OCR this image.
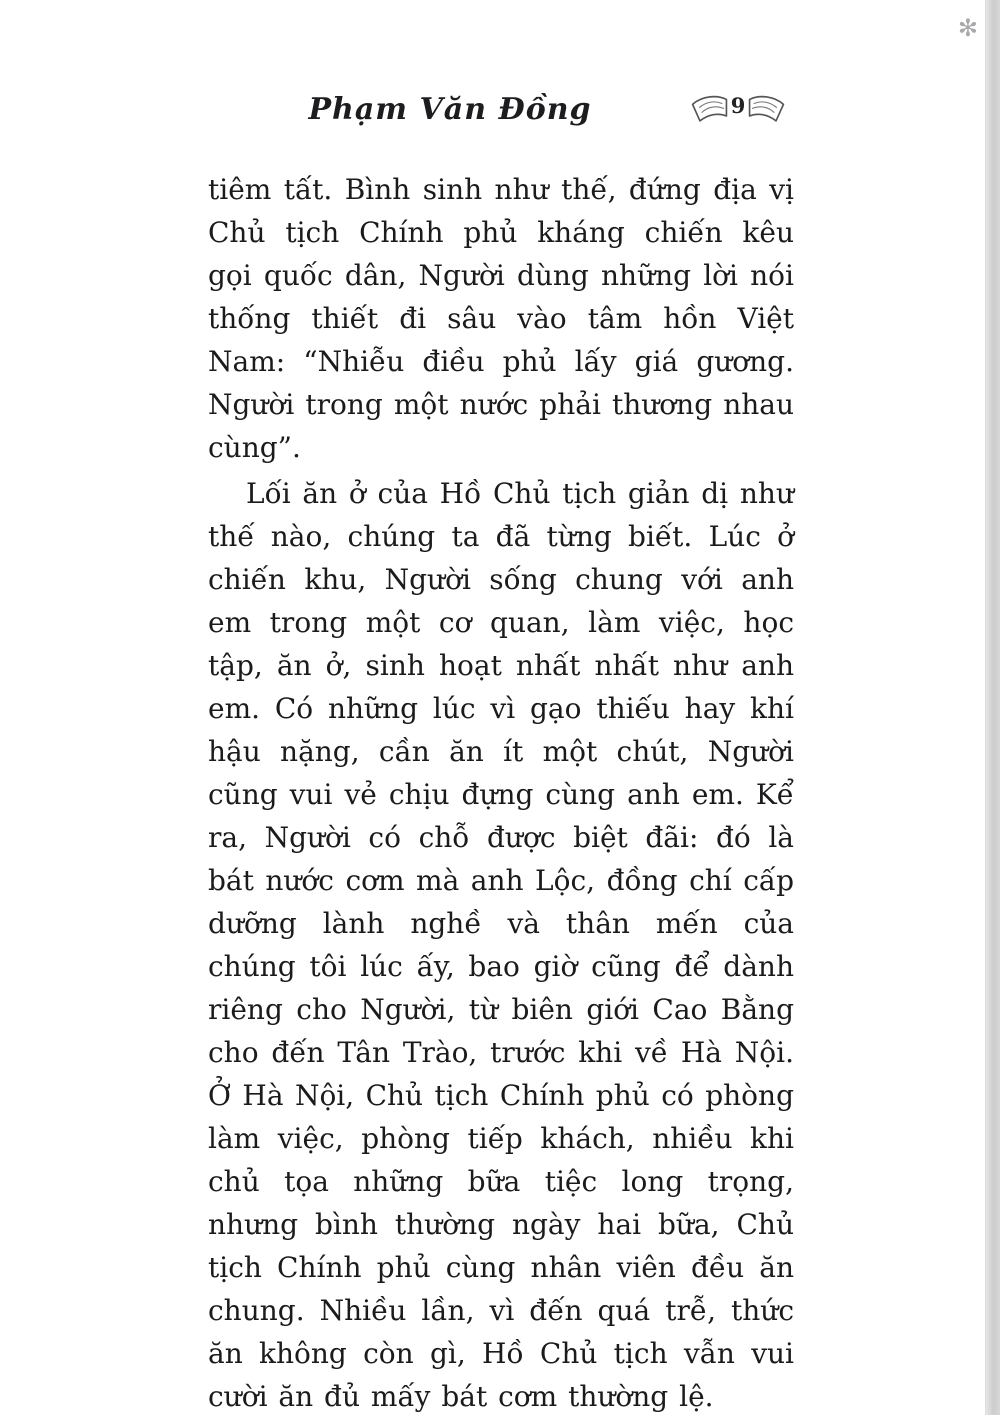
✻
Phạm Văn Đồng	9

tiêm tất. Bình sinh như thế, đứng địa vị Chủ tịch Chính phủ kháng chiến kêu gọi quốc dân, Người dùng những lời nói thống thiết đi sâu vào tâm hồn Việt Nam: “Nhiễu điều phủ lấy giá gương. Người trong một nước phải thương nhau cùng”.

Lối ăn ở của Hồ Chủ tịch giản dị như thế nào, chúng ta đã từng biết. Lúc ở chiến khu, Người sống chung với anh em trong một cơ quan, làm việc, học tập, ăn ở, sinh hoạt nhất nhất như anh em. Có những lúc vì gạo thiếu hay khí hậu nặng, cần ăn ít một chút, Người cũng vui vẻ chịu đựng cùng anh em. Kể ra, Người có chỗ được biệt đãi: đó là bát nước cơm mà anh Lộc, đồng chí cấp dưỡng lành nghề và thân mến của chúng tôi lúc ấy, bao giờ cũng để dành riêng cho Người, từ biên giới Cao Bằng cho đến Tân Trào, trước khi về Hà Nội. Ở Hà Nội, Chủ tịch Chính phủ có phòng làm việc, phòng tiếp khách, nhiều khi chủ tọa những bữa tiệc long trọng, nhưng bình thường ngày hai bữa, Chủ tịch Chính phủ cùng nhân viên đều ăn chung. Nhiều lần, vì đến quá trễ, thức ăn không còn gì, Hồ Chủ tịch vẫn vui cười ăn đủ mấy bát cơm thường lệ.
